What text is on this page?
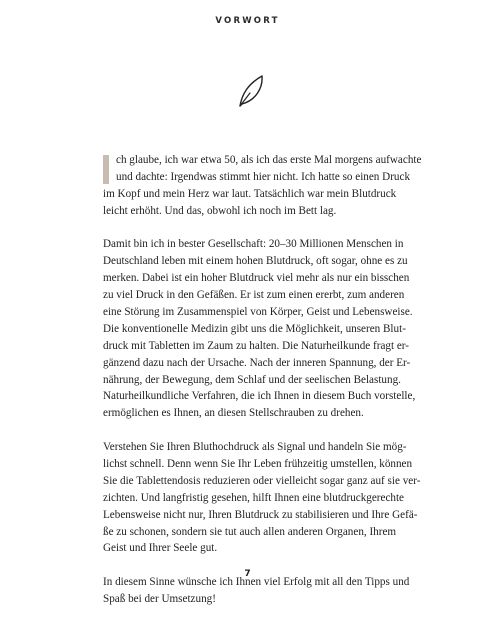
VORWORT
ch glaube, ich war etwa 50, als ich das erste Mal morgens aufwachte
und dachte: Irgendwas stimmt hier nicht. Ich hatte so einen Druck
im Kopf und mein Herz war laut. Tatsächlich war mein Blutdruck
leicht erhöht. Und das, obwohl ich noch im Bett lag.
Damit bin ich in bester Gesellschaft: 20–30 Millionen Menschen in
Deutschland leben mit einem hohen Blutdruck, oft sogar, ohne es zu
merken. Dabei ist ein hoher Blutdruck viel mehr als nur ein bisschen
zu viel Druck in den Gefäßen. Er ist zum einen ererbt, zum anderen
eine Störung im Zusammenspiel von Körper, Geist und Lebensweise.
Die konventionelle Medizin gibt uns die Möglichkeit, unseren Blut-
druck mit Tabletten im Zaum zu halten. Die Naturheilkunde fragt er-
gänzend dazu nach der Ursache. Nach der inneren Spannung, der Er-
nährung, der Bewegung, dem Schlaf und der seelischen Belastung.
Naturheilkundliche Verfahren, die ich Ihnen in diesem Buch vorstelle,
ermöglichen es Ihnen, an diesen Stellschrauben zu drehen.
Verstehen Sie Ihren Bluthochdruck als Signal und handeln Sie mög-
lichst schnell. Denn wenn Sie Ihr Leben frühzeitig umstellen, können
Sie die Tablettendosis reduzieren oder vielleicht sogar ganz auf sie ver-
zichten. Und langfristig gesehen, hilft Ihnen eine blutdruckgerechte
Lebensweise nicht nur, Ihren Blutdruck zu stabilisieren und Ihre Gefä-
ße zu schonen, sondern sie tut auch allen anderen Organen, Ihrem
Geist und Ihrer Seele gut.
In diesem Sinne wünsche ich Ihnen viel Erfolg mit all den Tipps und
Spaß bei der Umsetzung!
7
